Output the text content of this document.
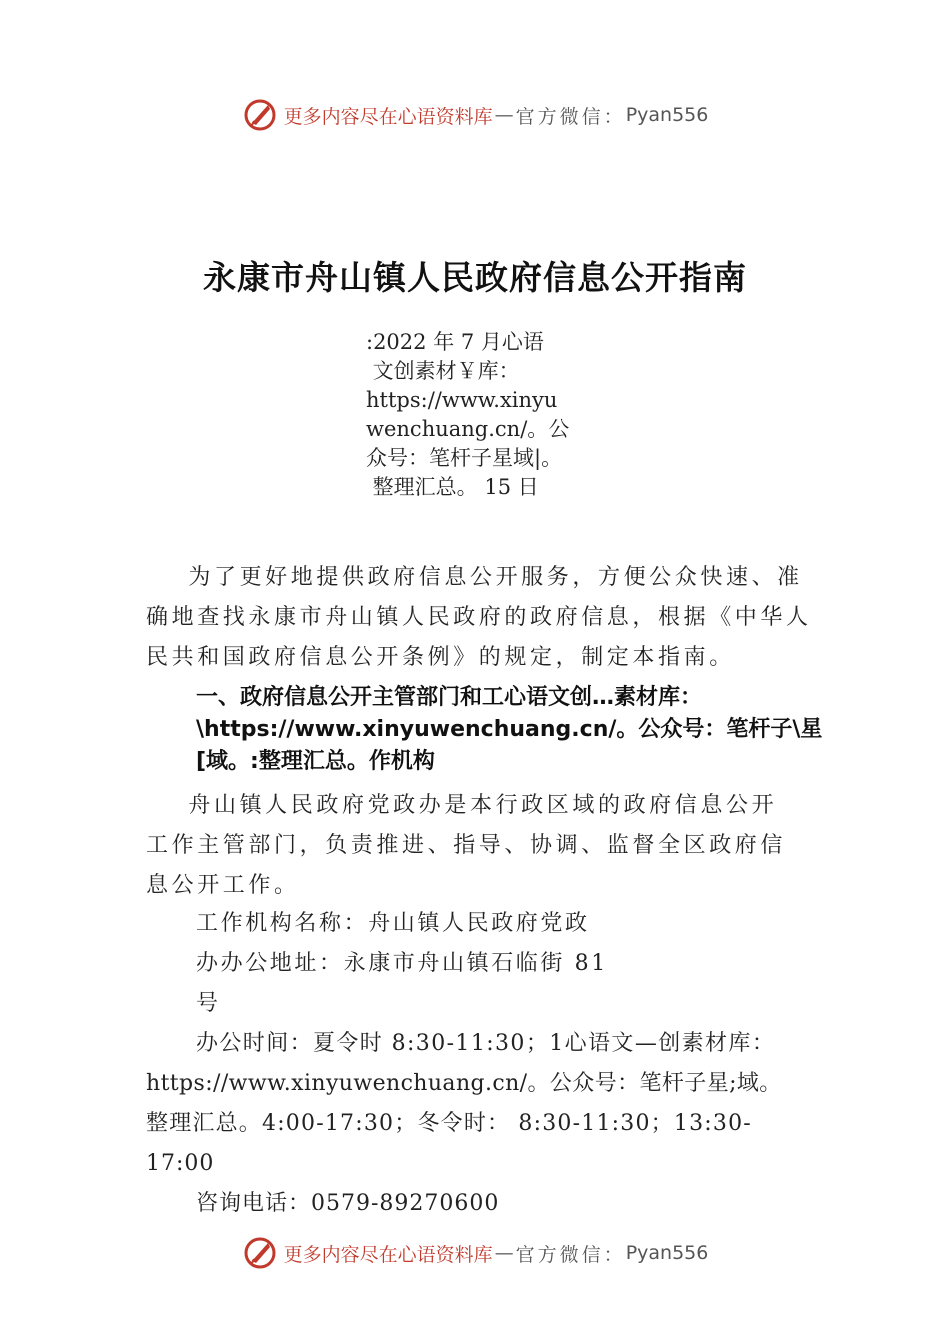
更多内容尽在心语资料库 — 官方微信： Pyan556
永康市舟山镇人民政府信息公开指南
:2022 年 7 月心语
文创素材￥库：
https://www.xinyu
wenchuang.cn/。公
众号：笔杆子星域|。
整理汇总。 15 日
为了更好地提供政府信息公开服务，方便公众快速、准
确地查找永康市舟山镇人民政府的政府信息，根据《中华人
民共和国政府信息公开条例》的规定，制定本指南。
一、政府信息公开主管部门和工心语文创…素材库：
\https://www.xinyuwenchuang.cn/。公众号：笔杆子\星
[域。:整理汇总。作机构
舟山镇人民政府党政办是本行政区域的政府信息公开
工作主管部门，负责推进、指导、协调、监督全区政府信
息公开工作。
工作机构名称：舟山镇人民政府党政
办办公地址：永康市舟山镇石临街 81
号
办公时间：夏令时 8:30-11:30；1心语文—创素材库：
https://www.xinyuwenchuang.cn/。公众号：笔杆子星;域。
整理汇总。4:00-17:30；冬令时： 8:30-11:30；13:30-
17:00
咨询电话：0579-89270600
更多内容尽在心语资料库 — 官方微信： Pyan556
